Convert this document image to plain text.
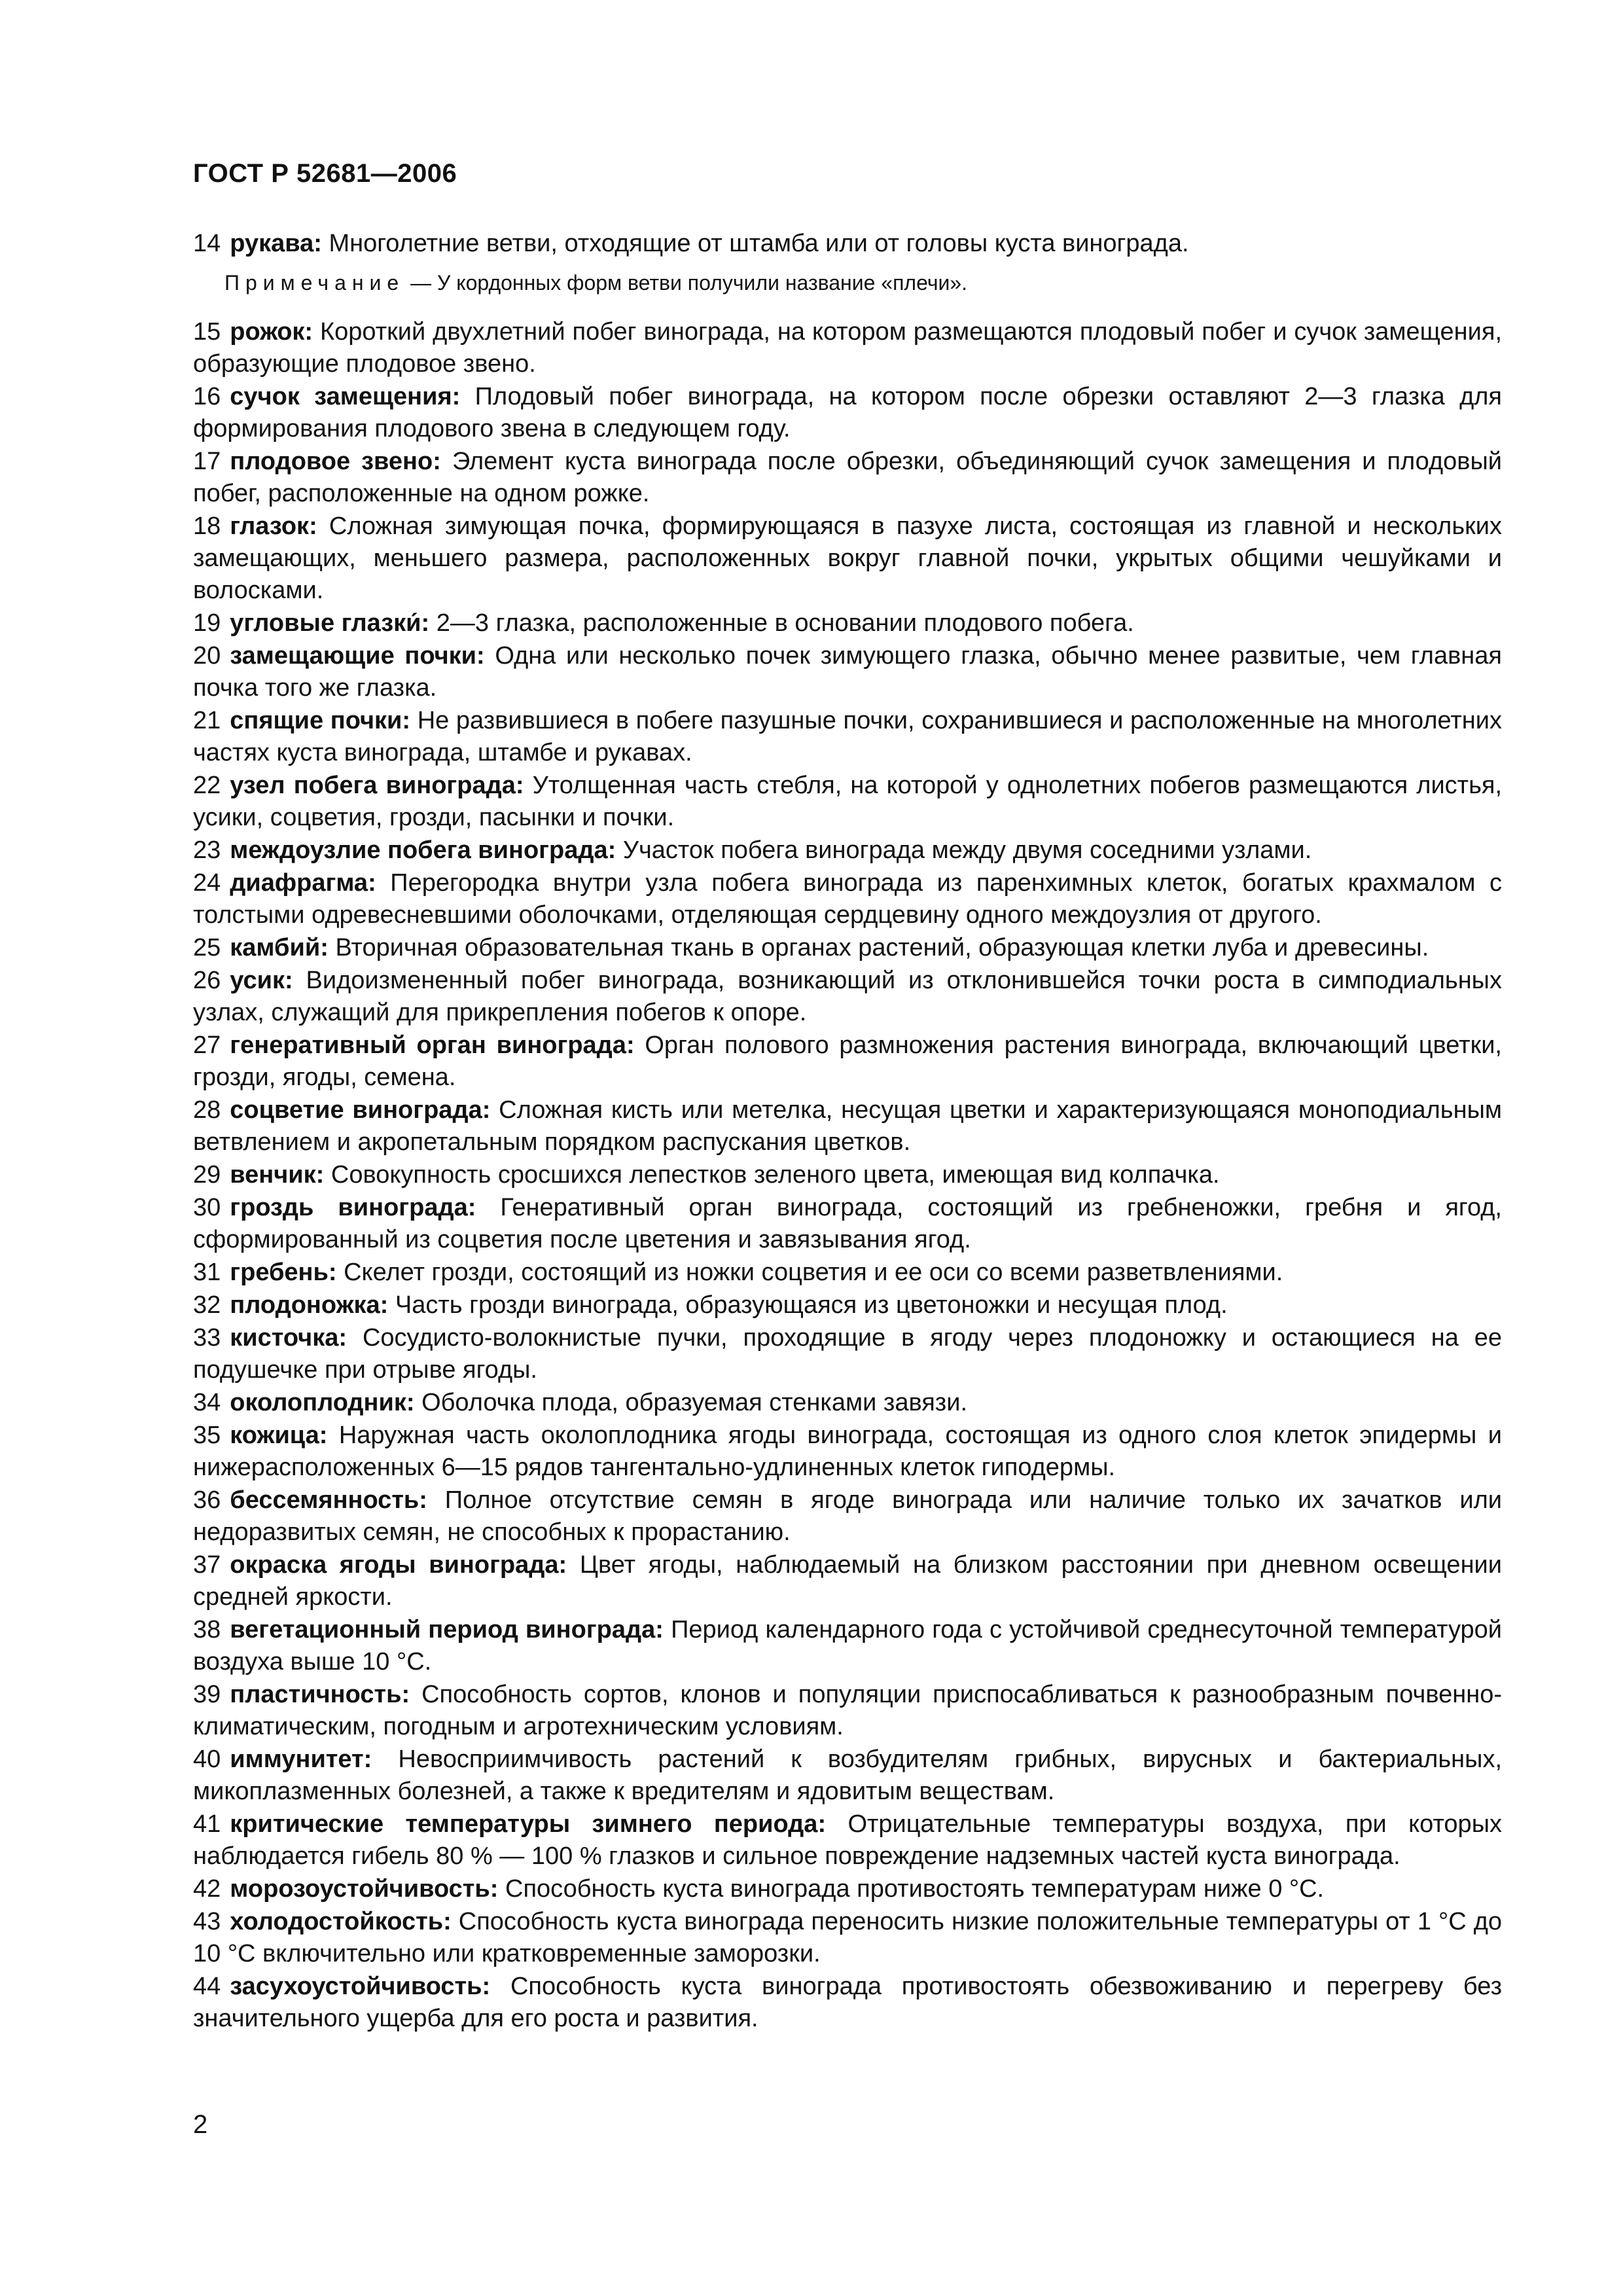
ГОСТ Р 52681—2006

14 рукава: Многолетние ветви, отходящие от штамба или от головы куста винограда.

Примечание — У кордонных форм ветви получили название «плечи».

15 рожок: Короткий двухлетний побег винограда, на котором размещаются плодовый побег и сучок замещения, образующие плодовое звено.

16 сучок замещения: Плодовый побег винограда, на котором после обрезки оставляют 2—3 глазка для формирования плодового звена в следующем году.

17 плодовое звено: Элемент куста винограда после обрезки, объединяющий сучок замещения и плодовый побег, расположенные на одном рожке.

18 глазок: Сложная зимующая почка, формирующаяся в пазухе листа, состоящая из главной и нескольких замещающих, меньшего размера, расположенных вокруг главной почки, укрытых общими чешуйками и волосками.

19 угловые глазки́: 2—3 глазка, расположенные в основании плодового побега.

20 замещающие почки: Одна или несколько почек зимующего глазка, обычно менее развитые, чем главная почка того же глазка.

21 спящие почки: Не развившиеся в побеге пазушные почки, сохранившиеся и расположенные на многолетних частях куста винограда, штамбе и рукавах.

22 узел побега винограда: Утолщенная часть стебля, на которой у однолетних побегов размещаются листья, усики, соцветия, грозди, пасынки и почки.

23 междоузлие побега винограда: Участок побега винограда между двумя соседними узлами.

24 диафрагма: Перегородка внутри узла побега винограда из паренхимных клеток, богатых крахмалом с толстыми одревесневшими оболочками, отделяющая сердцевину одного междоузлия от другого.

25 камбий: Вторичная образовательная ткань в органах растений, образующая клетки луба и древесины.

26 усик: Видоизмененный побег винограда, возникающий из отклонившейся точки роста в симподиальных узлах, служащий для прикрепления побегов к опоре.

27 генеративный орган винограда: Орган полового размножения растения винограда, включающий цветки, грозди, ягоды, семена.

28 соцветие винограда: Сложная кисть или метелка, несущая цветки и характеризующаяся моноподиальным ветвлением и акропетальным порядком распускания цветков.

29 венчик: Совокупность сросшихся лепестков зеленого цвета, имеющая вид колпачка.

30 гроздь винограда: Генеративный орган винограда, состоящий из гребненожки, гребня и ягод, сформированный из соцветия после цветения и завязывания ягод.

31 гребень: Скелет грозди, состоящий из ножки соцветия и ее оси со всеми разветвлениями.

32 плодоножка: Часть грозди винограда, образующаяся из цветоножки и несущая плод.

33 кисточка: Сосудисто-волокнистые пучки, проходящие в ягоду через плодоножку и остающиеся на ее подушечке при отрыве ягоды.

34 околоплодник: Оболочка плода, образуемая стенками завязи.

35 кожица: Наружная часть околоплодника ягоды винограда, состоящая из одного слоя клеток эпидермы и нижерасположенных 6—15 рядов тангентально-удлиненных клеток гиподермы.

36 бессемянность: Полное отсутствие семян в ягоде винограда или наличие только их зачатков или недоразвитых семян, не способных к прорастанию.

37 окраска ягоды винограда: Цвет ягоды, наблюдаемый на близком расстоянии при дневном освещении средней яркости.

38 вегетационный период винограда: Период календарного года с устойчивой среднесуточной температурой воздуха выше 10 °С.

39 пластичность: Способность сортов, клонов и популяции приспосабливаться к разнообразным почвенно-климатическим, погодным и агротехническим условиям.

40 иммунитет: Невосприимчивость растений к возбудителям грибных, вирусных и бактериальных, микоплазменных болезней, а также к вредителям и ядовитым веществам.

41 критические температуры зимнего периода: Отрицательные температуры воздуха, при которых наблюдается гибель 80 % — 100 % глазков и сильное повреждение надземных частей куста винограда.

42 морозоустойчивость: Способность куста винограда противостоять температурам ниже 0 °С.

43 холодостойкость: Способность куста винограда переносить низкие положительные температуры от 1 °С до 10 °С включительно или кратковременные заморозки.

44 засухоустойчивость: Способность куста винограда противостоять обезвоживанию и перегреву без значительного ущерба для его роста и развития.

2
